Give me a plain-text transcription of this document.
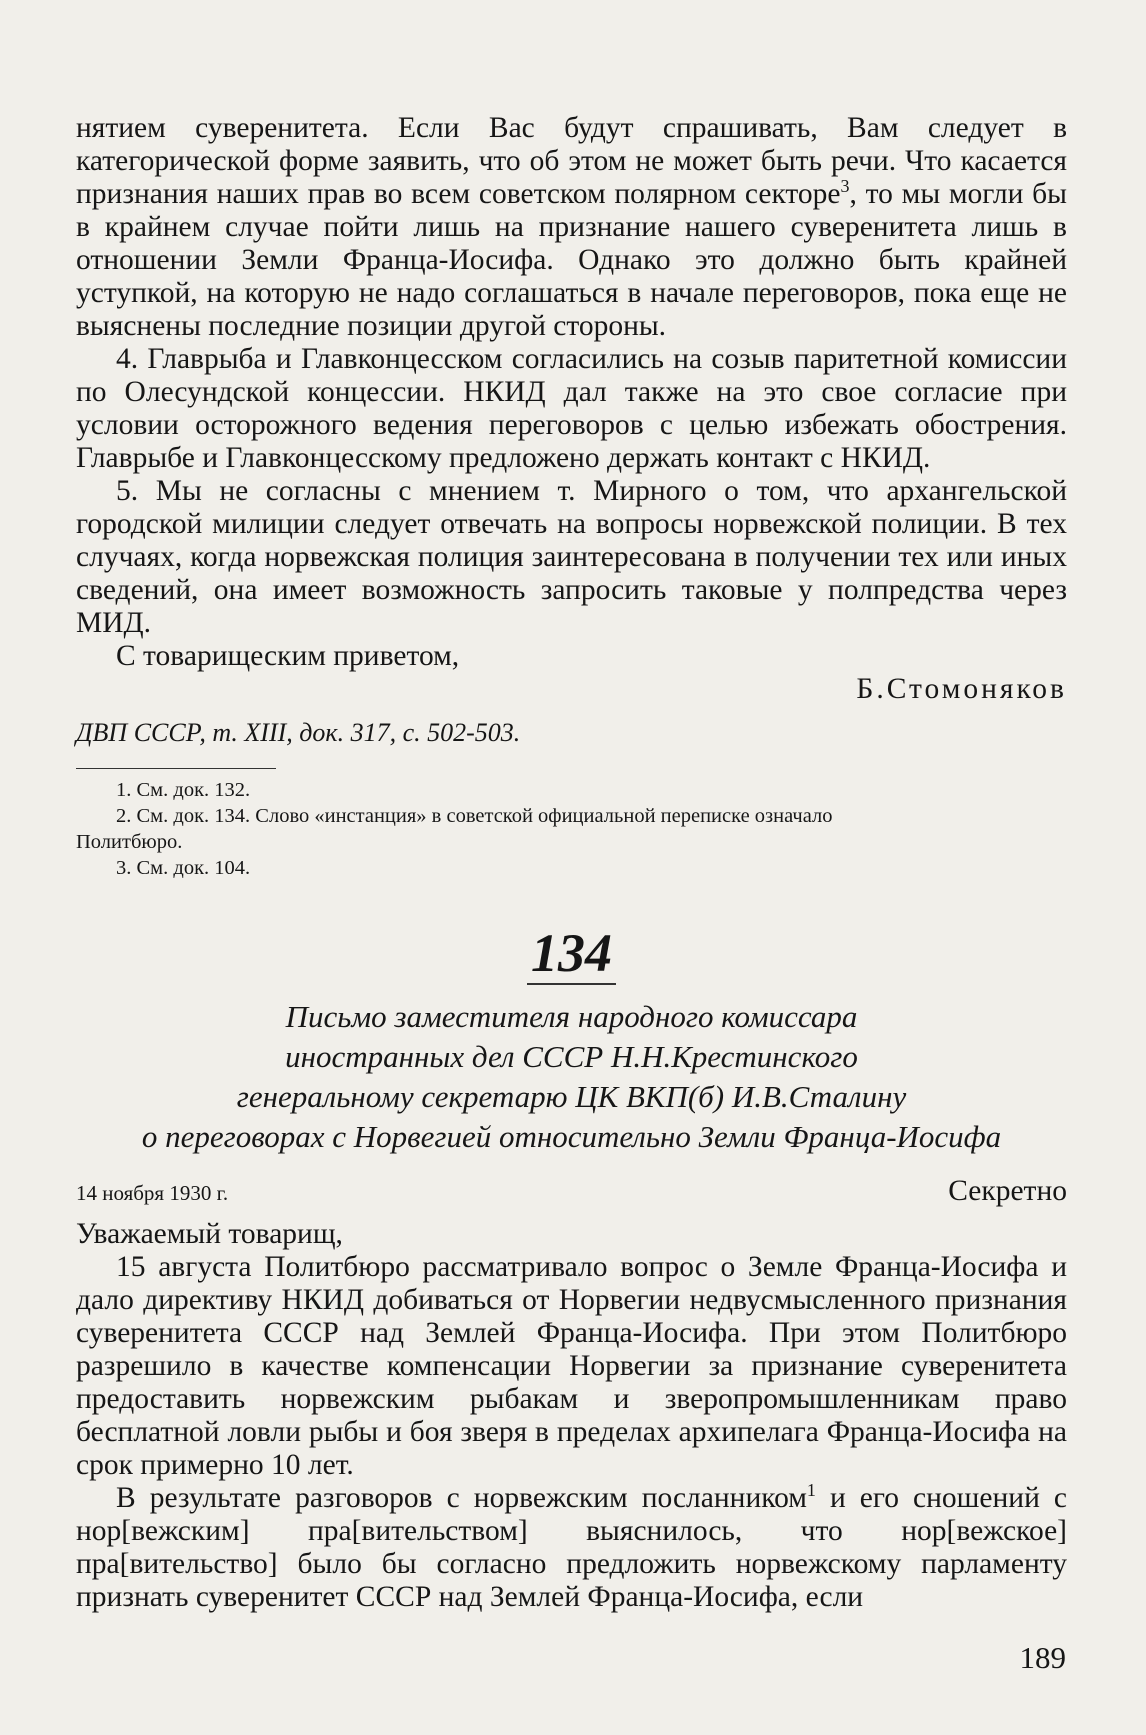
нятием суверенитета. Если Вас будут спрашивать, Вам следует в категорической форме заявить, что об этом не может быть речи. Что касается признания наших прав во всем советском полярном секторе$^3$, то мы могли бы в крайнем случае пойти лишь на признание нашего суверенитета лишь в отношении Земли Франца-Иосифа. Однако это должно быть крайней уступкой, на которую не надо соглашаться в начале переговоров, пока еще не выяснены последние позиции другой стороны.

4. Главрыба и Главконцесском согласились на созыв паритетной комиссии по Олесундской концессии. НКИД дал также на это свое согласие при условии осторожного ведения переговоров с целью избежать обострения. Главрыбе и Главконцесскому предложено держать контакт с НКИД.

5. Мы не согласны с мнением т. Мирного о том, что архангельской городской милиции следует отвечать на вопросы норвежской полиции. В тех случаях, когда норвежская полиция заинтересована в получении тех или иных сведений, она имеет возможность запросить таковые у полпредства через МИД.

С товарищеским приветом,

Б.Стомоняков

ДВП СССР, т. XIII, док. 317, с. 502-503.

1. См. док. 132.

2. См. док. 134. Слово «инстанция» в советской официальной переписке означало

Политбюро.

3. См. док. 104.

134

Письмо заместителя народного комиссара
иностранных дел СССР Н.Н.Крестинского
генеральному секретарю ЦК ВКП(б) И.В.Сталину
о переговорах с Норвегией относительно Земли Франца-Иосифа
14 ноября 1930 г.	Секретно

Уважаемый товарищ,

15 августа Политбюро рассматривало вопрос о Земле Франца-Иосифа и дало директиву НКИД добиваться от Норвегии недвусмысленного признания суверенитета СССР над Землей Франца-Иосифа. При этом Политбюро разрешило в качестве компенсации Норвегии за признание суверенитета предоставить норвежским рыбакам и зверопромышленникам право бесплатной ловли рыбы и боя зверя в пределах архипелага Франца-Иосифа на срок примерно 10 лет.

В результате разговоров с норвежским посланником$^1$ и его сношений с нор[вежским] пра[вительством] выяснилось, что нор[вежское] пра[вительство] было бы согласно предложить норвежскому парламенту признать суверенитет СССР над Землей Франца-Иосифа, если

189
